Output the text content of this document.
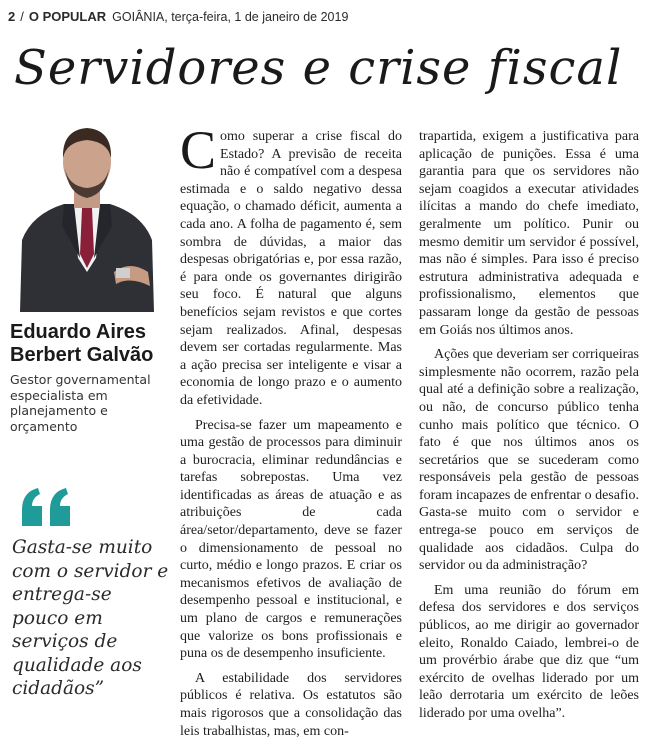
2 / O POPULAR GOIÂNIA, terça-feira, 1 de janeiro de 2019
Servidores e crise fiscal
Eduardo Aires
Berbert Galvão
Gestor governamental especialista em planejamento e orçamento
Gasta-se muito com o servidor e entrega-se pouco em serviços de qualidade aos cidadãos”

Como superar a crise fiscal do Estado? A previsão de receita não é compatível com a despesa estimada e o saldo negativo dessa equação, o chamado déficit, aumenta a cada ano. A folha de pagamento é, sem sombra de dúvidas, a maior das despesas obrigatórias e, por essa razão, é para onde os governantes dirigirão seu foco. É natural que alguns benefícios sejam revistos e que cortes sejam realizados. Afinal, despesas devem ser cortadas regularmente. Mas a ação precisa ser inteligente e visar a economia de longo prazo e o aumento da efetividade.

Precisa-se fazer um mapeamento e uma gestão de processos para diminuir a burocracia, eliminar redundâncias e tarefas sobrepostas. Uma vez identificadas as áreas de atuação e as atribuições de cada área/setor/departamento, deve se fazer o dimensionamento de pessoal no curto, médio e longo prazos. E criar os mecanismos efetivos de avaliação de desempenho pessoal e institucional, e um plano de cargos e remunerações que valorize os bons profissionais e puna os de desempenho insuficiente.

A estabilidade dos servidores públicos é relativa. Os estatutos são mais rigorosos que a consolidação das leis trabalhistas, mas, em con-

trapartida, exigem a justificativa para aplicação de punições. Essa é uma garantia para que os servidores não sejam coagidos a executar atividades ilícitas a mando do chefe imediato, geralmente um político. Punir ou mesmo demitir um servidor é possível, mas não é simples. Para isso é preciso estrutura administrativa adequada e profissionalismo, elementos que passaram longe da gestão de pessoas em Goiás nos últimos anos.

Ações que deveriam ser corriqueiras simplesmente não ocorrem, razão pela qual até a definição sobre a realização, ou não, de concurso público tenha cunho mais político que técnico. O fato é que nos últimos anos os secretários que se sucederam como responsáveis pela gestão de pessoas foram incapazes de enfrentar o desafio. Gasta-se muito com o servidor e entrega-se pouco em serviços de qualidade aos cidadãos. Culpa do servidor ou da administração?

Em uma reunião do fórum em defesa dos servidores e dos serviços públicos, ao me dirigir ao governador eleito, Ronaldo Caiado, lembrei-o de um provérbio árabe que diz que “um exército de ovelhas liderado por um leão derrotaria um exército de leões liderado por uma ovelha”.
